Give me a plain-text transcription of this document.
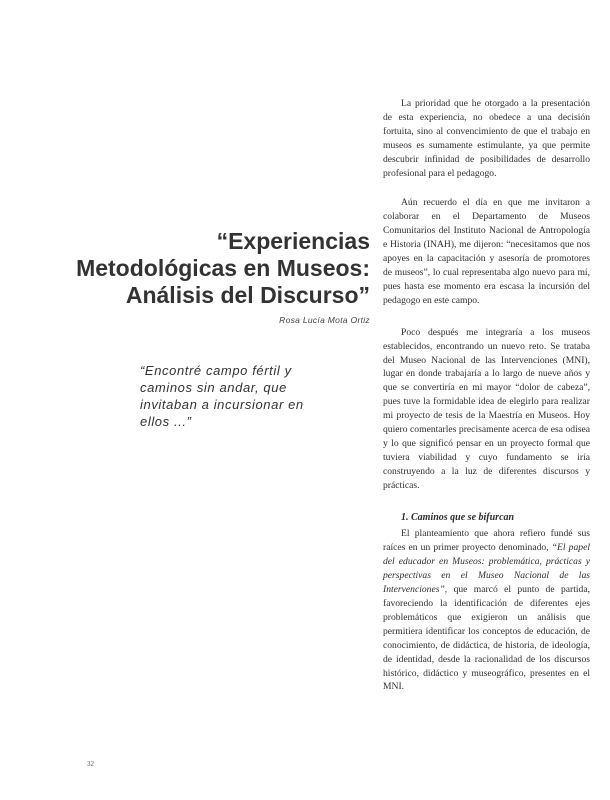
“Experiencias
Metodológicas en Museos:
Análisis del Discurso”
Rosa Lucía Mota Ortiz
“Encontré campo fértil y
caminos sin andar, que
invitaban a incursionar en
ellos ...”

La prioridad que he otorgado a la presentación de esta experiencia, no obedece a una decisión fortuita, sino al convencimiento de que el trabajo en museos es sumamente estimulante, ya que permite descubrir infinidad de posibilidades de desarrollo profesional para el pedagogo.

Aún recuerdo el día en que me invitaron a colaborar en el Departamento de Museos Comunitarios del Instituto Nacional de Antropología e Historia (INAH), me dijeron: “necesitamos que nos apoyes en la capacitación y asesoría de promotores de museos”, lo cual representaba algo nuevo para mí, pues hasta ese momento era escasa la incursión del pedagogo en este campo.

Poco después me integraría a los museos establecidos, encontrando un nuevo reto. Se trataba del Museo Nacional de las Intervenciones (MNI), lugar en donde trabajaría a lo largo de nueve años y que se convertiría en mi mayor “dolor de cabeza”, pues tuve la formidable idea de elegirlo para realizar mi proyecto de tesis de la Maestría en Museos. Hoy quiero comentarles precisamente acerca de esa odisea y lo que significó pensar en un proyecto formal que tuviera viabilidad y cuyo fundamento se iría construyendo a la luz de diferentes discursos y prácticas.

1. Caminos que se bifurcan

El planteamiento que ahora refiero fundé sus raíces en un primer proyecto denominado, “El papel del educador en Museos: problemática, prácticas y perspectivas en el Museo Nacional de las Intervenciones”, que marcó el punto de partida, favoreciendo la identificación de diferentes ejes problemáticos que exigieron un análisis que permitiera identificar los conceptos de educación, de conocimiento, de didáctica, de historia, de ideología, de identidad, desde la racionalidad de los discursos histórico, didáctico y museográfico, presentes en el MNI.

32
